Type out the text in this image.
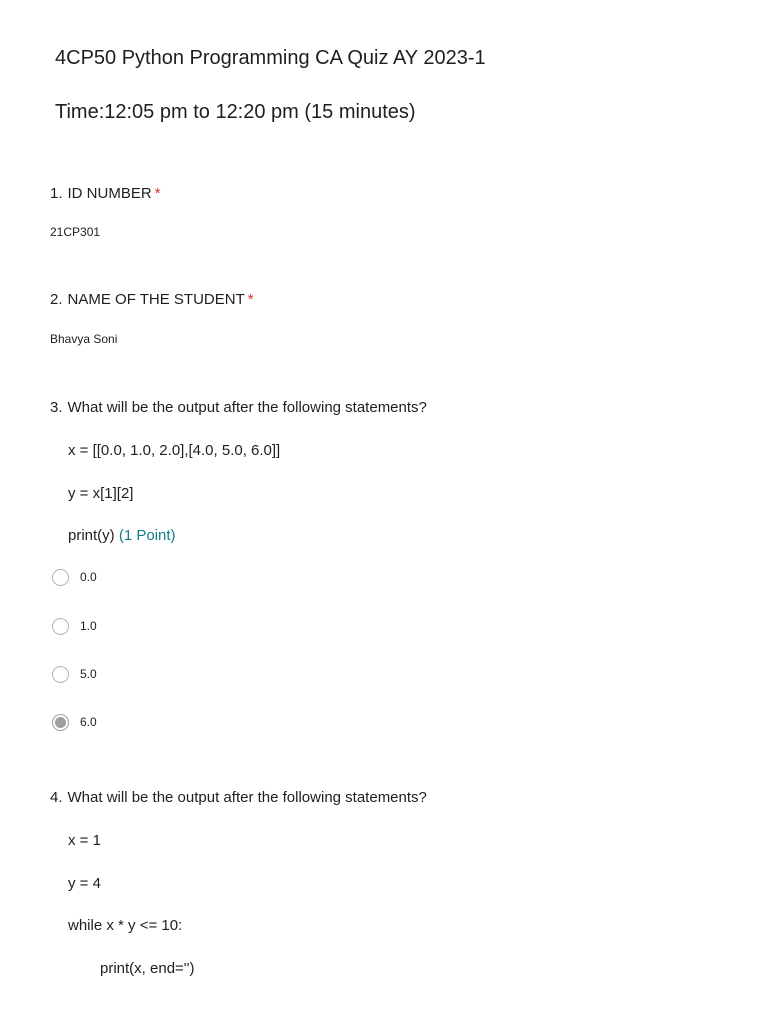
4CP50 Python Programming CA Quiz AY 2023-1
Time:12:05 pm to 12:20 pm (15 minutes)
1. ID NUMBER *
21CP301
2. NAME OF THE STUDENT *
Bhavya Soni
3. What will be the output after the following statements?
x = [[0.0, 1.0, 2.0],[4.0, 5.0, 6.0]]
y = x[1][2]
print(y) (1 Point)
0.0
1.0
5.0
6.0
4. What will be the output after the following statements?
x = 1
y = 4
while x * y <= 10:
print(x, end='')
